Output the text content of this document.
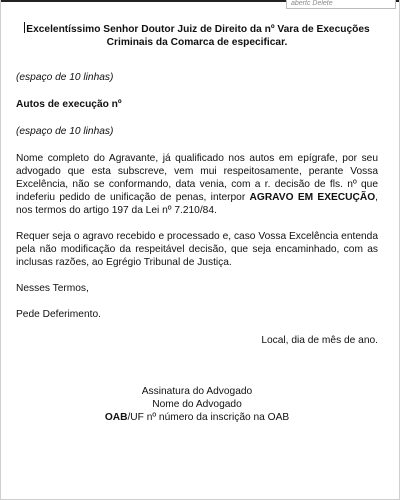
abertc Delete

Excelentíssimo Senhor Doutor Juiz de Direito da nº Vara de Execuções Criminais da Comarca de especificar.

(espaço de 10 linhas)

Autos de execução nº

(espaço de 10 linhas)

Nome completo do Agravante, já qualificado nos autos em epígrafe, por seu advogado que esta subscreve, vem mui respeitosamente, perante Vossa Excelência, não se conformando, data venia, com a r. decisão de fls. nº que indeferiu pedido de unificação de penas, interpor AGRAVO EM EXECUÇÃO, nos termos do artigo 197 da Lei nº 7.210/84.

Requer seja o agravo recebido e processado e, caso Vossa Excelência entenda pela não modificação da respeitável decisão, que seja encaminhado, com as inclusas razões, ao Egrégio Tribunal de Justiça.

Nesses Termos,

Pede Deferimento.

Local, dia de mês de ano.

Assinatura do Advogado

Nome do Advogado

OAB/UF nº número da inscrição na OAB
